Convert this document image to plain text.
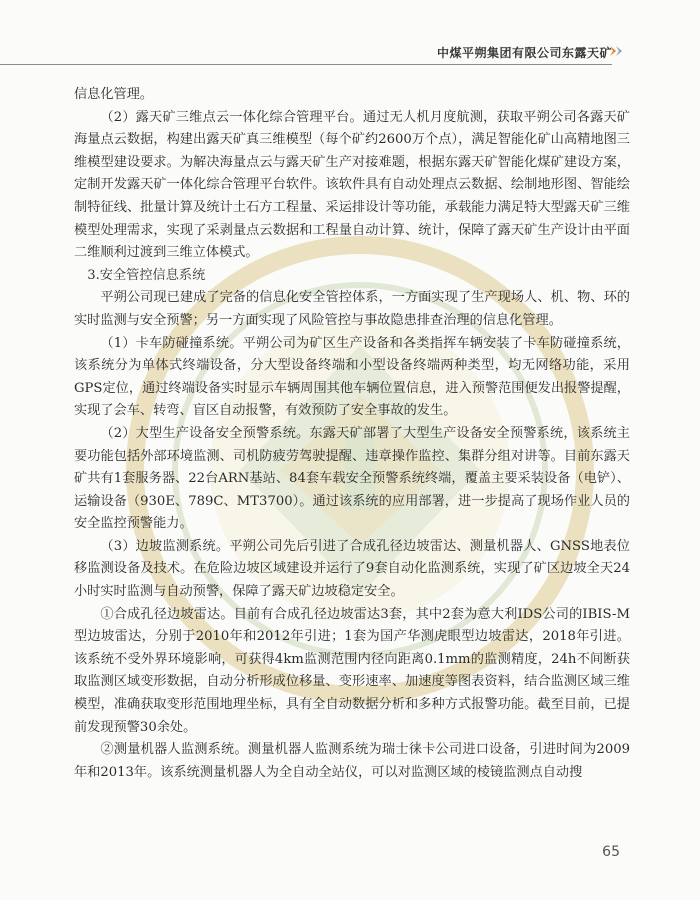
中煤平朔集团有限公司东露天矿

信息化管理。

（2）露天矿三维点云一体化综合管理平台。通过无人机月度航测，获取平朔公司各露天矿海量点云数据，构建出露天矿真三维模型（每个矿约2600万个点），满足智能化矿山高精地图三维模型建设要求。为解决海量点云与露天矿生产对接难题，根据东露天矿智能化煤矿建设方案，定制开发露天矿一体化综合管理平台软件。该软件具有自动处理点云数据、绘制地形图、智能绘制特征线、批量计算及统计土石方工程量、采运排设计等功能，承载能力满足特大型露天矿三维模型处理需求，实现了采剥量点云数据和工程量自动计算、统计，保障了露天矿生产设计由平面二维顺利过渡到三维立体模式。

3.安全管控信息系统

平朔公司现已建成了完备的信息化安全管控体系，一方面实现了生产现场人、机、物、环的实时监测与安全预警；另一方面实现了风险管控与事故隐患排查治理的信息化管理。

（1）卡车防碰撞系统。平朔公司为矿区生产设备和各类指挥车辆安装了卡车防碰撞系统，该系统分为单体式终端设备，分大型设备终端和小型设备终端两种类型，均无网络功能，采用GPS定位，通过终端设备实时显示车辆周围其他车辆位置信息，进入预警范围便发出报警提醒，实现了会车、转弯、盲区自动报警，有效预防了安全事故的发生。

（2）大型生产设备安全预警系统。东露天矿部署了大型生产设备安全预警系统，该系统主要功能包括外部环境监测、司机防疲劳驾驶提醒、违章操作监控、集群分组对讲等。目前东露天矿共有1套服务器、22台ARN基站、84套车载安全预警系统终端，覆盖主要采装设备（电铲）、运输设备（930E、789C、MT3700）。通过该系统的应用部署，进一步提高了现场作业人员的安全监控预警能力。

（3）边坡监测系统。平朔公司先后引进了合成孔径边坡雷达、测量机器人、GNSS地表位移监测设备及技术。在危险边坡区域建设并运行了9套自动化监测系统，实现了矿区边坡全天24小时实时监测与自动预警，保障了露天矿边坡稳定安全。

①合成孔径边坡雷达。目前有合成孔径边坡雷达3套，其中2套为意大利IDS公司的IBIS-M型边坡雷达，分别于2010年和2012年引进；1套为国产华测虎眼型边坡雷达，2018年引进。该系统不受外界环境影响，可获得4km监测范围内径向距离0.1mm的监测精度，24h不间断获取监测区域变形数据，自动分析形成位移量、变形速率、加速度等图表资料，结合监测区域三维模型，准确获取变形范围地理坐标，具有全自动数据分析和多种方式报警功能。截至目前，已提前发现预警30余处。

②测量机器人监测系统。测量机器人监测系统为瑞士徕卡公司进口设备，引进时间为2009年和2013年。该系统测量机器人为全自动全站仪，可以对监测区域的棱镜监测点自动搜

65
